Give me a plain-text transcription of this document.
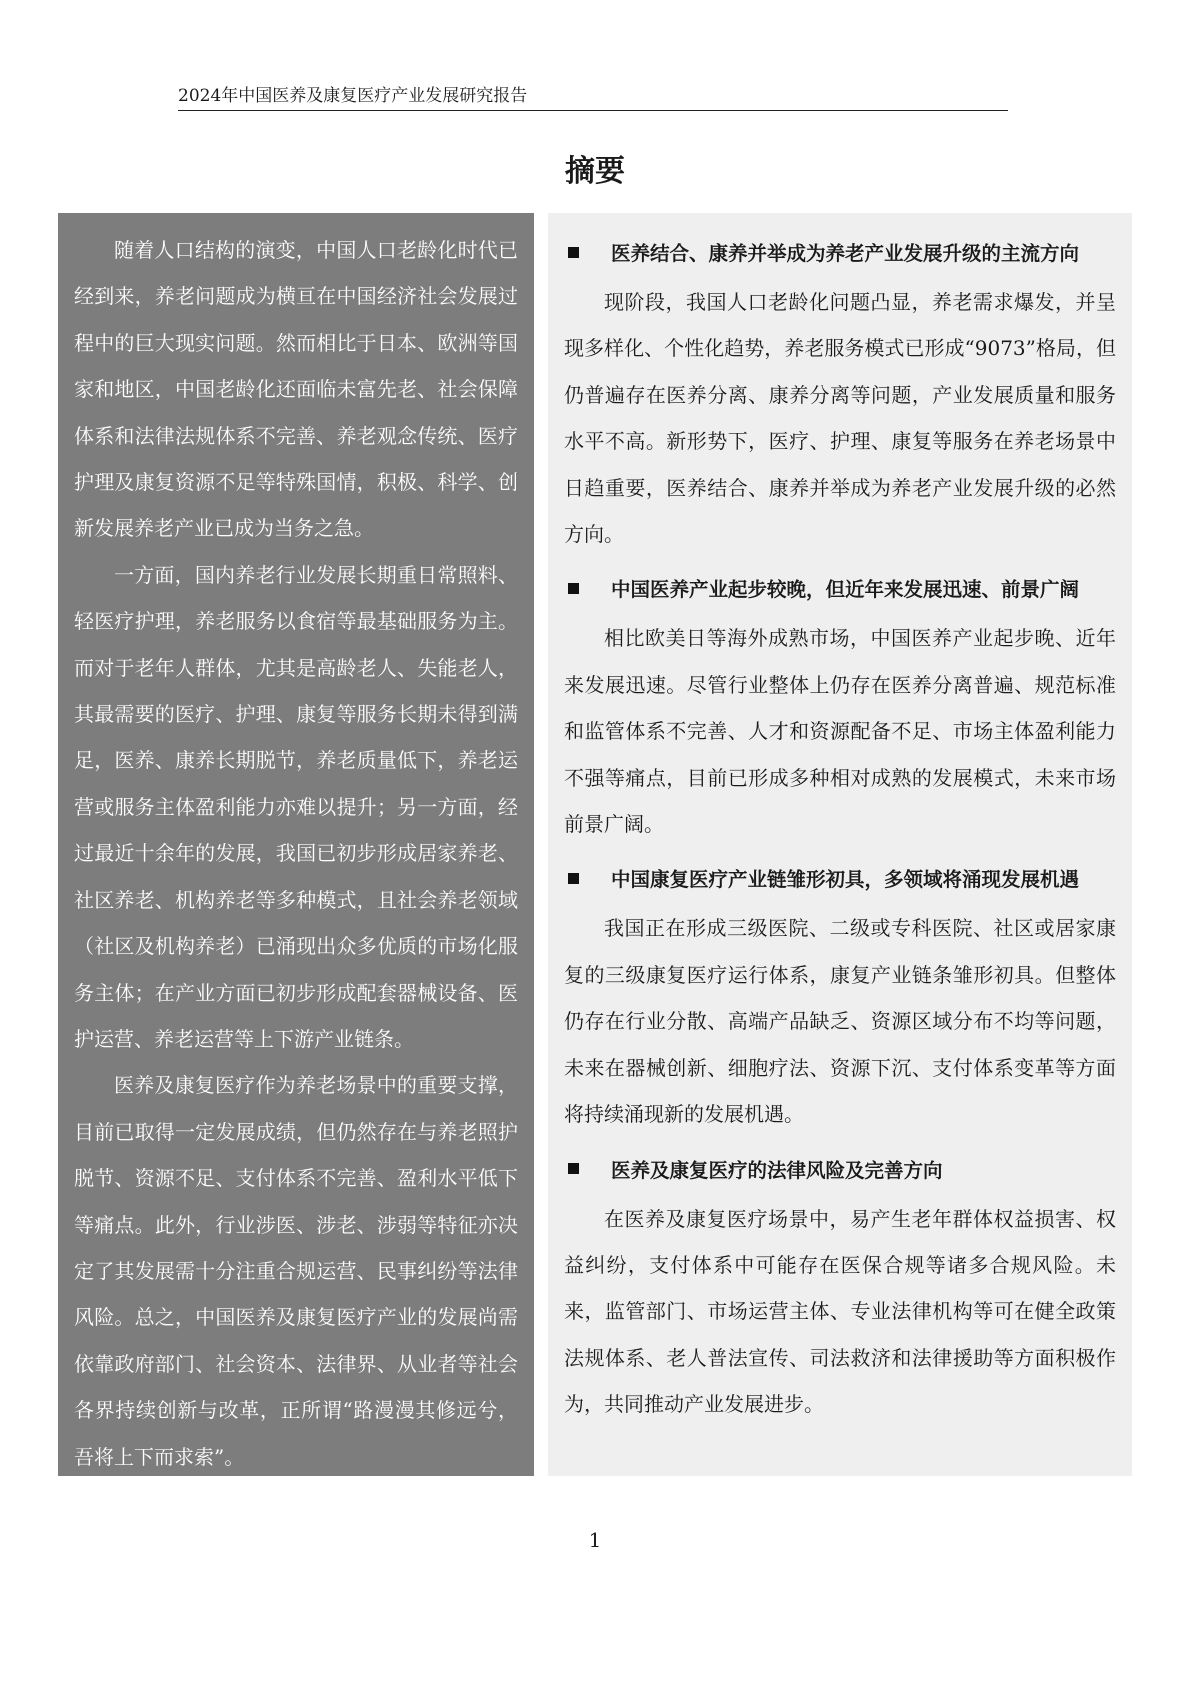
2024年中国医养及康复医疗产业发展研究报告
摘要

随着人口结构的演变，中国人口老龄化时代已经到来，养老问题成为横亘在中国经济社会发展过程中的巨大现实问题。然而相比于日本、欧洲等国家和地区，中国老龄化还面临未富先老、社会保障体系和法律法规体系不完善、养老观念传统、医疗护理及康复资源不足等特殊国情，积极、科学、创新发展养老产业已成为当务之急。

一方面，国内养老行业发展长期重日常照料、轻医疗护理，养老服务以食宿等最基础服务为主。而对于老年人群体，尤其是高龄老人、失能老人，其最需要的医疗、护理、康复等服务长期未得到满足，医养、康养长期脱节，养老质量低下，养老运营或服务主体盈利能力亦难以提升；另一方面，经过最近十余年的发展，我国已初步形成居家养老、社区养老、机构养老等多种模式，且社会养老领域（社区及机构养老）已涌现出众多优质的市场化服务主体；在产业方面已初步形成配套器械设备、医护运营、养老运营等上下游产业链条。

医养及康复医疗作为养老场景中的重要支撑，目前已取得一定发展成绩，但仍然存在与养老照护脱节、资源不足、支付体系不完善、盈利水平低下等痛点。此外，行业涉医、涉老、涉弱等特征亦决定了其发展需十分注重合规运营、民事纠纷等法律风险。总之，中国医养及康复医疗产业的发展尚需依靠政府部门、社会资本、法律界、从业者等社会各界持续创新与改革，正所谓“路漫漫其修远兮，吾将上下而求索”。

医养结合、康养并举成为养老产业发展升级的主流方向

现阶段，我国人口老龄化问题凸显，养老需求爆发，并呈现多样化、个性化趋势，养老服务模式已形成“9073”格局，但仍普遍存在医养分离、康养分离等问题，产业发展质量和服务水平不高。新形势下，医疗、护理、康复等服务在养老场景中日趋重要，医养结合、康养并举成为养老产业发展升级的必然方向。

中国医养产业起步较晚，但近年来发展迅速、前景广阔

相比欧美日等海外成熟市场，中国医养产业起步晚、近年来发展迅速。尽管行业整体上仍存在医养分离普遍、规范标准和监管体系不完善、人才和资源配备不足、市场主体盈利能力不强等痛点，目前已形成多种相对成熟的发展模式，未来市场前景广阔。

中国康复医疗产业链雏形初具，多领域将涌现发展机遇

我国正在形成三级医院、二级或专科医院、社区或居家康复的三级康复医疗运行体系，康复产业链条雏形初具。但整体仍存在行业分散、高端产品缺乏、资源区域分布不均等问题，未来在器械创新、细胞疗法、资源下沉、支付体系变革等方面将持续涌现新的发展机遇。

医养及康复医疗的法律风险及完善方向

在医养及康复医疗场景中，易产生老年群体权益损害、权益纠纷，支付体系中可能存在医保合规等诸多合规风险。未来，监管部门、市场运营主体、专业法律机构等可在健全政策法规体系、老人普法宣传、司法救济和法律援助等方面积极作为，共同推动产业发展进步。

1
